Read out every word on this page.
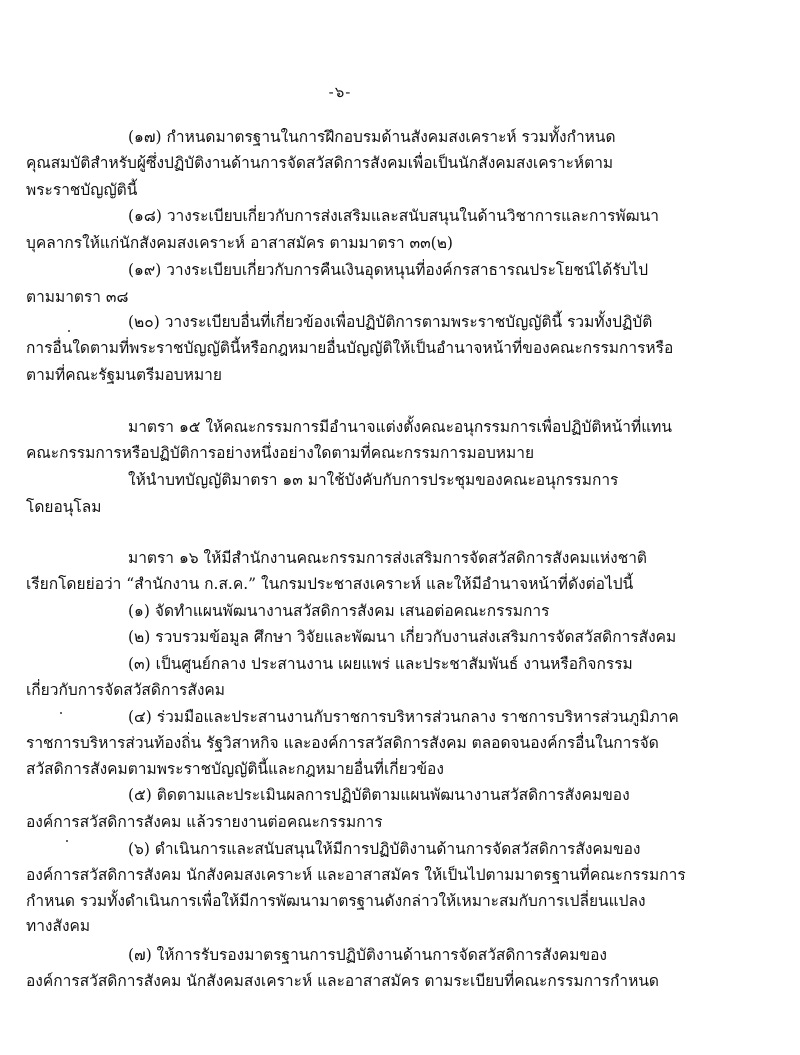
-๖-
(๑๗) กำหนดมาตรฐานในการฝึกอบรมด้านสังคมสงเคราะห์ รวมทั้งกำหนด
คุณสมบัติสำหรับผู้ซึ่งปฏิบัติงานด้านการจัดสวัสดิการสังคมเพื่อเป็นนักสังคมสงเคราะห์ตาม
พระราชบัญญัตินี้
(๑๘) วางระเบียบเกี่ยวกับการส่งเสริมและสนับสนุนในด้านวิชาการและการพัฒนา
บุคลากรให้แก่นักสังคมสงเคราะห์ อาสาสมัคร ตามมาตรา ๓๓(๒)
(๑๙) วางระเบียบเกี่ยวกับการคืนเงินอุดหนุนที่องค์กรสาธารณประโยชน์ได้รับไป
ตามมาตรา ๓๘
(๒๐) วางระเบียบอื่นที่เกี่ยวข้องเพื่อปฏิบัติการตามพระราชบัญญัตินี้ รวมทั้งปฏิบัติ
การอื่นใดตามที่พระราชบัญญัตินี้หรือกฎหมายอื่นบัญญัติให้เป็นอำนาจหน้าที่ของคณะกรรมการหรือ
ตามที่คณะรัฐมนตรีมอบหมาย
มาตรา ๑๕ ให้คณะกรรมการมีอำนาจแต่งตั้งคณะอนุกรรมการเพื่อปฏิบัติหน้าที่แทน
คณะกรรมการหรือปฏิบัติการอย่างหนึ่งอย่างใดตามที่คณะกรรมการมอบหมาย
ให้นำบทบัญญัติมาตรา ๑๓ มาใช้บังคับกับการประชุมของคณะอนุกรรมการ
โดยอนุโลม
มาตรา ๑๖ ให้มีสำนักงานคณะกรรมการส่งเสริมการจัดสวัสดิการสังคมแห่งชาติ
เรียกโดยย่อว่า “สำนักงาน ก.ส.ค.” ในกรมประชาสงเคราะห์ และให้มีอำนาจหน้าที่ดังต่อไปนี้
(๑) จัดทำแผนพัฒนางานสวัสดิการสังคม เสนอต่อคณะกรรมการ
(๒) รวบรวมข้อมูล ศึกษา วิจัยและพัฒนา เกี่ยวกับงานส่งเสริมการจัดสวัสดิการสังคม
(๓) เป็นศูนย์กลาง ประสานงาน เผยแพร่ และประชาสัมพันธ์ งานหรือกิจกรรม
เกี่ยวกับการจัดสวัสดิการสังคม
(๔) ร่วมมือและประสานงานกับราชการบริหารส่วนกลาง ราชการบริหารส่วนภูมิภาค
ราชการบริหารส่วนท้องถิ่น รัฐวิสาหกิจ และองค์การสวัสดิการสังคม ตลอดจนองค์กรอื่นในการจัด
สวัสดิการสังคมตามพระราชบัญญัตินี้และกฎหมายอื่นที่เกี่ยวข้อง
(๕) ติดตามและประเมินผลการปฏิบัติตามแผนพัฒนางานสวัสดิการสังคมของ
องค์การสวัสดิการสังคม แล้วรายงานต่อคณะกรรมการ
(๖) ดำเนินการและสนับสนุนให้มีการปฏิบัติงานด้านการจัดสวัสดิการสังคมของ
องค์การสวัสดิการสังคม นักสังคมสงเคราะห์ และอาสาสมัคร ให้เป็นไปตามมาตรฐานที่คณะกรรมการ
กำหนด รวมทั้งดำเนินการเพื่อให้มีการพัฒนามาตรฐานดังกล่าวให้เหมาะสมกับการเปลี่ยนแปลง
ทางสังคม
(๗) ให้การรับรองมาตรฐานการปฏิบัติงานด้านการจัดสวัสดิการสังคมของ
องค์การสวัสดิการสังคม นักสังคมสงเคราะห์ และอาสาสมัคร ตามระเบียบที่คณะกรรมการกำหนด
